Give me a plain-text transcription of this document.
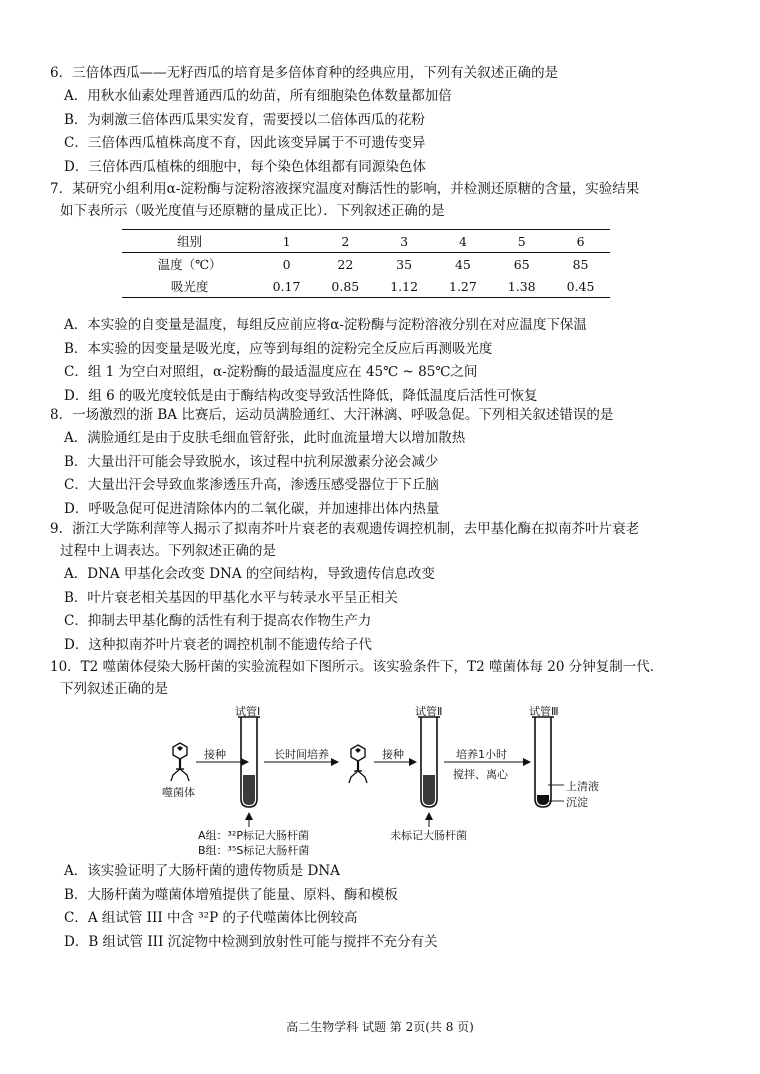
6．三倍体西瓜——无籽西瓜的培育是多倍体育种的经典应用，下列有关叙述正确的是

A．用秋水仙素处理普通西瓜的幼苗，所有细胞染色体数量都加倍

B．为刺激三倍体西瓜果实发育，需要授以二倍体西瓜的花粉

C．三倍体西瓜植株高度不育，因此该变异属于不可遗传变异

D．三倍体西瓜植株的细胞中，每个染色体组都有同源染色体

7．某研究小组利用α-淀粉酶与淀粉溶液探究温度对酶活性的影响，并检测还原糖的含量，实验结果

如下表所示（吸光度值与还原糖的量成正比）．下列叙述正确的是

组别	1	2	3	4	5	6
温度（℃）	0	22	35	45	65	85
吸光度	0.17	0.85	1.12	1.27	1.38	0.45

A．本实验的自变量是温度，每组反应前应将α-淀粉酶与淀粉溶液分别在对应温度下保温

B．本实验的因变量是吸光度，应等到每组的淀粉完全反应后再测吸光度

C．组 1 为空白对照组，α-淀粉酶的最适温度应在 45℃ ~ 85℃之间

D．组 6 的吸光度较低是由于酶结构改变导致活性降低，降低温度后活性可恢复

8．一场激烈的浙 BA 比赛后，运动员满脸通红、大汗淋漓、呼吸急促。下列相关叙述错误的是

A．满脸通红是由于皮肤毛细血管舒张，此时血流量增大以增加散热

B．大量出汗可能会导致脱水，该过程中抗利尿激素分泌会减少

C．大量出汗会导致血浆渗透压升高，渗透压感受器位于下丘脑

D．呼吸急促可促进清除体内的二氧化碳，并加速排出体内热量

9．浙江大学陈利萍等人揭示了拟南芥叶片衰老的表观遗传调控机制，去甲基化酶在拟南芥叶片衰老

过程中上调表达。下列叙述正确的是

A．DNA 甲基化会改变 DNA 的空间结构，导致遗传信息改变

B．叶片衰老相关基因的甲基化水平与转录水平呈正相关

C．抑制去甲基化酶的活性有利于提高农作物生产力

D．这种拟南芥叶片衰老的调控机制不能遗传给子代

10．T2 噬菌体侵染大肠杆菌的实验流程如下图所示。该实验条件下，T2 噬菌体每 20 分钟复制一代．

下列叙述正确的是

试管Ⅰ	试管Ⅱ	试管Ⅲ
接种	长时间培养	接种	培养1小时
搅拌、离心
噬菌体	上清液
沉淀
A组：³²P标记大肠杆菌
B组：³⁵S标记大肠杆菌
未标记大肠杆菌

A．该实验证明了大肠杆菌的遗传物质是 DNA

B．大肠杆菌为噬菌体增殖提供了能量、原料、酶和模板

C．A 组试管 III 中含 ³²P 的子代噬菌体比例较高

D．B 组试管 III 沉淀物中检测到放射性可能与搅拌不充分有关

高二生物学科 试题 第 2页(共 8 页)
